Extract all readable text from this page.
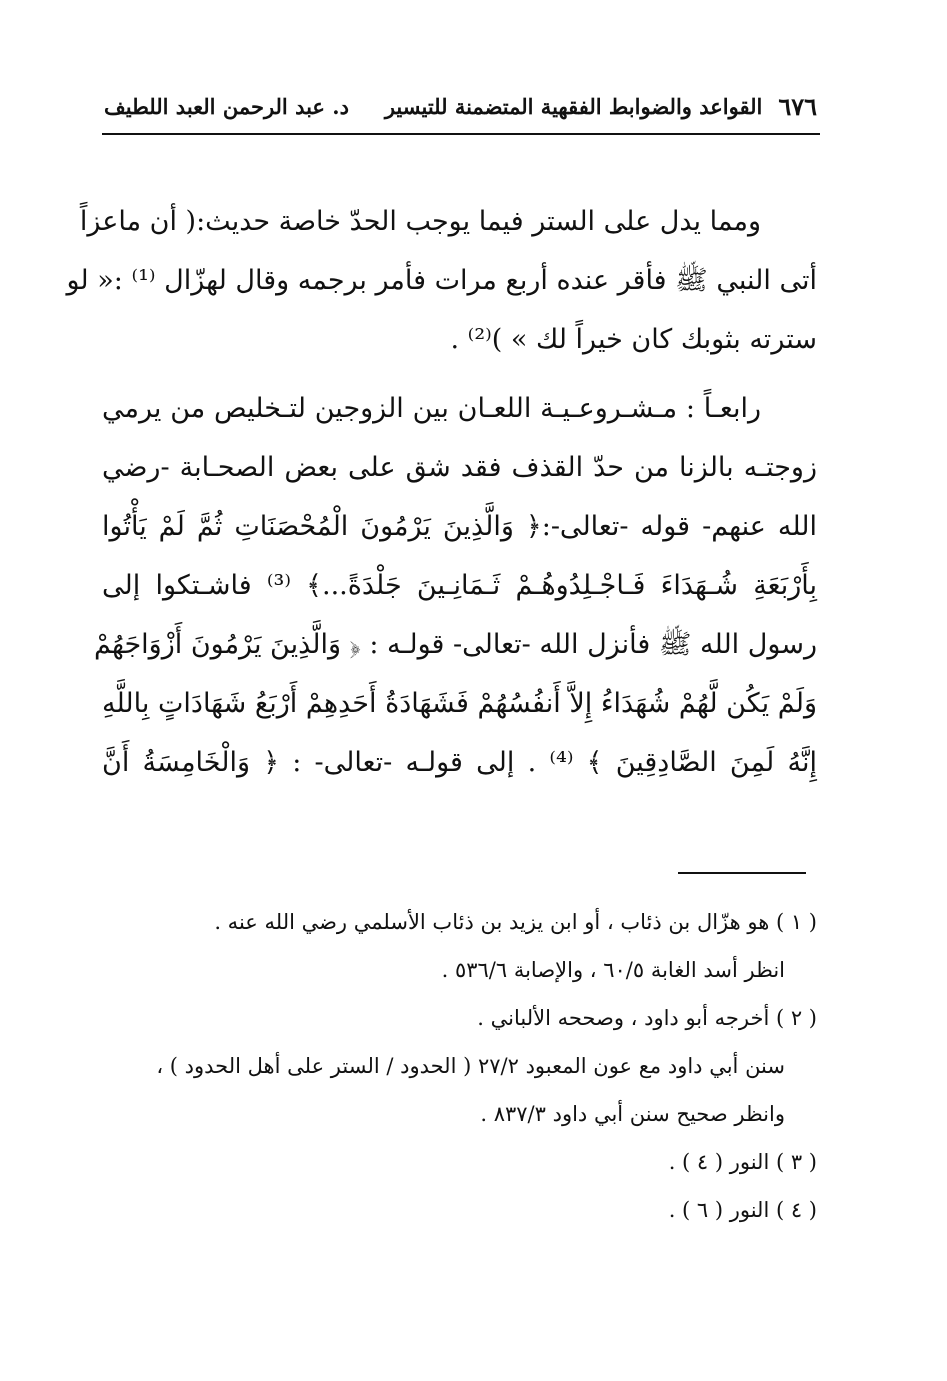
٦٧٦
القواعد والضوابط الفقهية المتضمنة للتيسير
د. عبد الرحمن العبد اللطيف
ومما يدل على الستر فيما يوجب الحدّ خاصة حديث:( أن ماعزاً
أتى النبي ﷺ فأقر عنده أربع مرات فأمر برجمه وقال لهزّال ⁽¹⁾ :« لو
سترته بثوبك كان خيراً لك » )⁽²⁾ .
رابعـاً : مـشـروعـيـة اللعـان بين الزوجين لتـخليص من يرمي
زوجتـه بالزنا من حدّ القذف فقد شق على بعض الصحـابة -رضي
الله عنهم- قوله -تعالى-:﴿ وَالَّذِينَ يَرْمُونَ الْمُحْصَنَاتِ ثُمَّ لَمْ يَأْتُوا
بِأَرْبَعَةِ شُـهَدَاءَ فَـاجْـلِدُوهُـمْ ثَـمَانِـينَ جَلْدَةً...﴾ ⁽³⁾ فاشـتكوا إلى
رسول الله ﷺ فأنزل الله -تعالى- قولـه : ﴿ وَالَّذِينَ يَرْمُونَ أَزْوَاجَهُمْ
وَلَمْ يَكُن لَّهُمْ شُهَدَاءُ إِلاَّ أَنفُسُهُمْ فَشَهَادَةُ أَحَدِهِمْ أَرْبَعُ شَهَادَاتٍ بِاللَّهِ
إِنَّهُ لَمِنَ الصَّادِقِينَ ﴾ ⁽⁴⁾ . إلى قولـه -تعالى- : ﴿ وَالْخَامِسَةُ أَنَّ
( ١ ) هو هزّال بن ذئاب ، أو ابن يزيد بن ذئاب الأسلمي رضي الله عنه .
انظر أسد الغابة ٦٠/٥ ، والإصابة ٥٣٦/٦ .
( ٢ ) أخرجه أبو داود ، وصححه الألباني .
سنن أبي داود مع عون المعبود ٢٧/٢ ( الحدود / الستر على أهل الحدود ) ،
وانظر صحيح سنن أبي داود ٨٣٧/٣ .
( ٣ ) النور ( ٤ ) .
( ٤ ) النور ( ٦ ) .
